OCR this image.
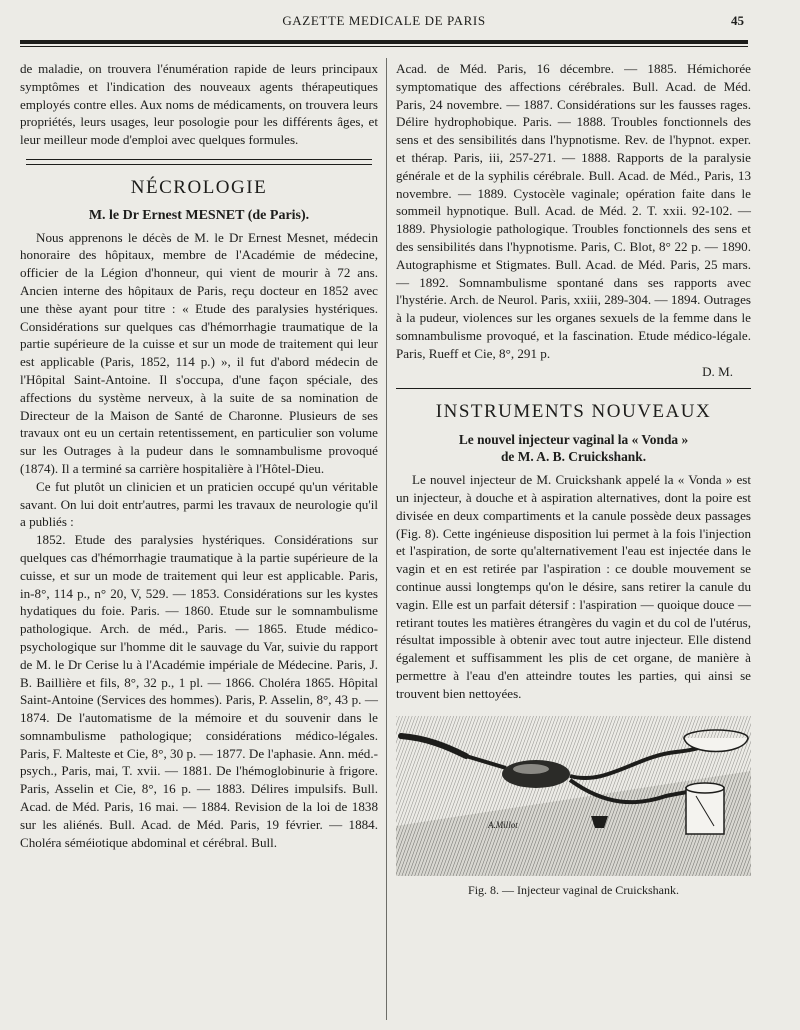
GAZETTE MEDICALE DE PARIS	45

de maladie, on trouvera l'énumération rapide de leurs principaux symptômes et l'indication des nouveaux agents thérapeutiques employés contre elles. Aux noms de médicaments, on trouvera leurs propriétés, leurs usages, leur posologie pour les différents âges, et leur meilleur mode d'emploi avec quelques formules.

NÉCROLOGIE
M. le Dr Ernest MESNET (de Paris).

Nous apprenons le décès de M. le Dr Ernest Mesnet, médecin honoraire des hôpitaux, membre de l'Académie de médecine, officier de la Légion d'honneur, qui vient de mourir à 72 ans. Ancien interne des hôpitaux de Paris, reçu docteur en 1852 avec une thèse ayant pour titre : « Etude des paralysies hystériques. Considérations sur quelques cas d'hémorrhagie traumatique de la partie supérieure de la cuisse et sur un mode de traitement qui leur est applicable (Paris, 1852, 114 p.) », il fut d'abord médecin de l'Hôpital Saint-Antoine. Il s'occupa, d'une façon spéciale, des affections du système nerveux, à la suite de sa nomination de Directeur de la Maison de Santé de Charonne. Plusieurs de ses travaux ont eu un certain retentissement, en particulier son volume sur les Outrages à la pudeur dans le somnambulisme provoqué (1874). Il a terminé sa carrière hospitalière à l'Hôtel-Dieu.

Ce fut plutôt un clinicien et un praticien occupé qu'un véritable savant. On lui doit entr'autres, parmi les travaux de neurologie qu'il a publiés :

1852. Etude des paralysies hystériques. Considérations sur quelques cas d'hémorrhagie traumatique à la partie supérieure de la cuisse, et sur un mode de traitement qui leur est applicable. Paris, in-8°, 114 p., n° 20, V, 529. — 1853. Considérations sur les kystes hydatiques du foie. Paris. — 1860. Etude sur le somnambulisme pathologique. Arch. de méd., Paris. — 1865. Etude médico-psychologique sur l'homme dit le sauvage du Var, suivie du rapport de M. le Dr Cerise lu à l'Académie impériale de Médecine. Paris, J. B. Baillière et fils, 8°, 32 p., 1 pl. — 1866. Choléra 1865. Hôpital Saint-Antoine (Services des hommes). Paris, P. Asselin, 8°, 43 p. — 1874. De l'automatisme de la mémoire et du souvenir dans le somnambulisme pathologique; considérations médico-légales. Paris, F. Malteste et Cie, 8°, 30 p. — 1877. De l'aphasie. Ann. méd.-psych., Paris, mai, T. xvii. — 1881. De l'hémoglobinurie à frigore. Paris, Asselin et Cie, 8°, 16 p. — 1883. Délires impulsifs. Bull. Acad. de Méd. Paris, 16 mai. — 1884. Revision de la loi de 1838 sur les aliénés. Bull. Acad. de Méd. Paris, 19 février. — 1884. Choléra séméiotique abdominal et cérébral. Bull.

Acad. de Méd. Paris, 16 décembre. — 1885. Hémichorée symptomatique des affections cérébrales. Bull. Acad. de Méd. Paris, 24 novembre. — 1887. Considérations sur les fausses rages. Délire hydrophobique. Paris. — 1888. Troubles fonctionnels des sens et des sensibilités dans l'hypnotisme. Rev. de l'hypnot. exper. et thérap. Paris, iii, 257-271. — 1888. Rapports de la paralysie générale et de la syphilis cérébrale. Bull. Acad. de Méd., Paris, 13 novembre. — 1889. Cystocèle vaginale; opération faite dans le sommeil hypnotique. Bull. Acad. de Méd. 2. T. xxii. 92-102. — 1889. Physiologie pathologique. Troubles fonctionnels des sens et des sensibilités dans l'hypnotisme. Paris, C. Blot, 8° 22 p. — 1890. Autographisme et Stigmates. Bull. Acad. de Méd. Paris, 25 mars. — 1892. Somnambulisme spontané dans ses rapports avec l'hystérie. Arch. de Neurol. Paris, xxiii, 289-304. — 1894. Outrages à la pudeur, violences sur les organes sexuels de la femme dans le somnambulisme provoqué, et la fascination. Etude médico-légale. Paris, Rueff et Cie, 8°, 291 p.

D. M.
INSTRUMENTS NOUVEAUX
Le nouvel injecteur vaginal la « Vonda »
de M. A. B. Cruickshank.

Le nouvel injecteur de M. Cruickshank appelé la « Vonda » est un injecteur, à douche et à aspiration alternatives, dont la poire est divisée en deux compartiments et la canule possède deux passages (Fig. 8). Cette ingénieuse disposition lui permet à la fois l'injection et l'aspiration, de sorte qu'alternativement l'eau est injectée dans le vagin et en est retirée par l'aspiration : ce double mouvement se continue aussi longtemps qu'on le désire, sans retirer la canule du vagin. Elle est un parfait détersif : l'aspiration — quoique douce — retirant toutes les matières étrangères du vagin et du col de l'utérus, résultat impossible à obtenir avec tout autre injecteur. Elle distend également et suffisamment les plis de cet organe, de manière à permettre à l'eau d'en atteindre toutes les parties, qui ainsi se trouvent bien nettoyées.

A.Millot
Fig. 8. — Injecteur vaginal de Cruickshank.
